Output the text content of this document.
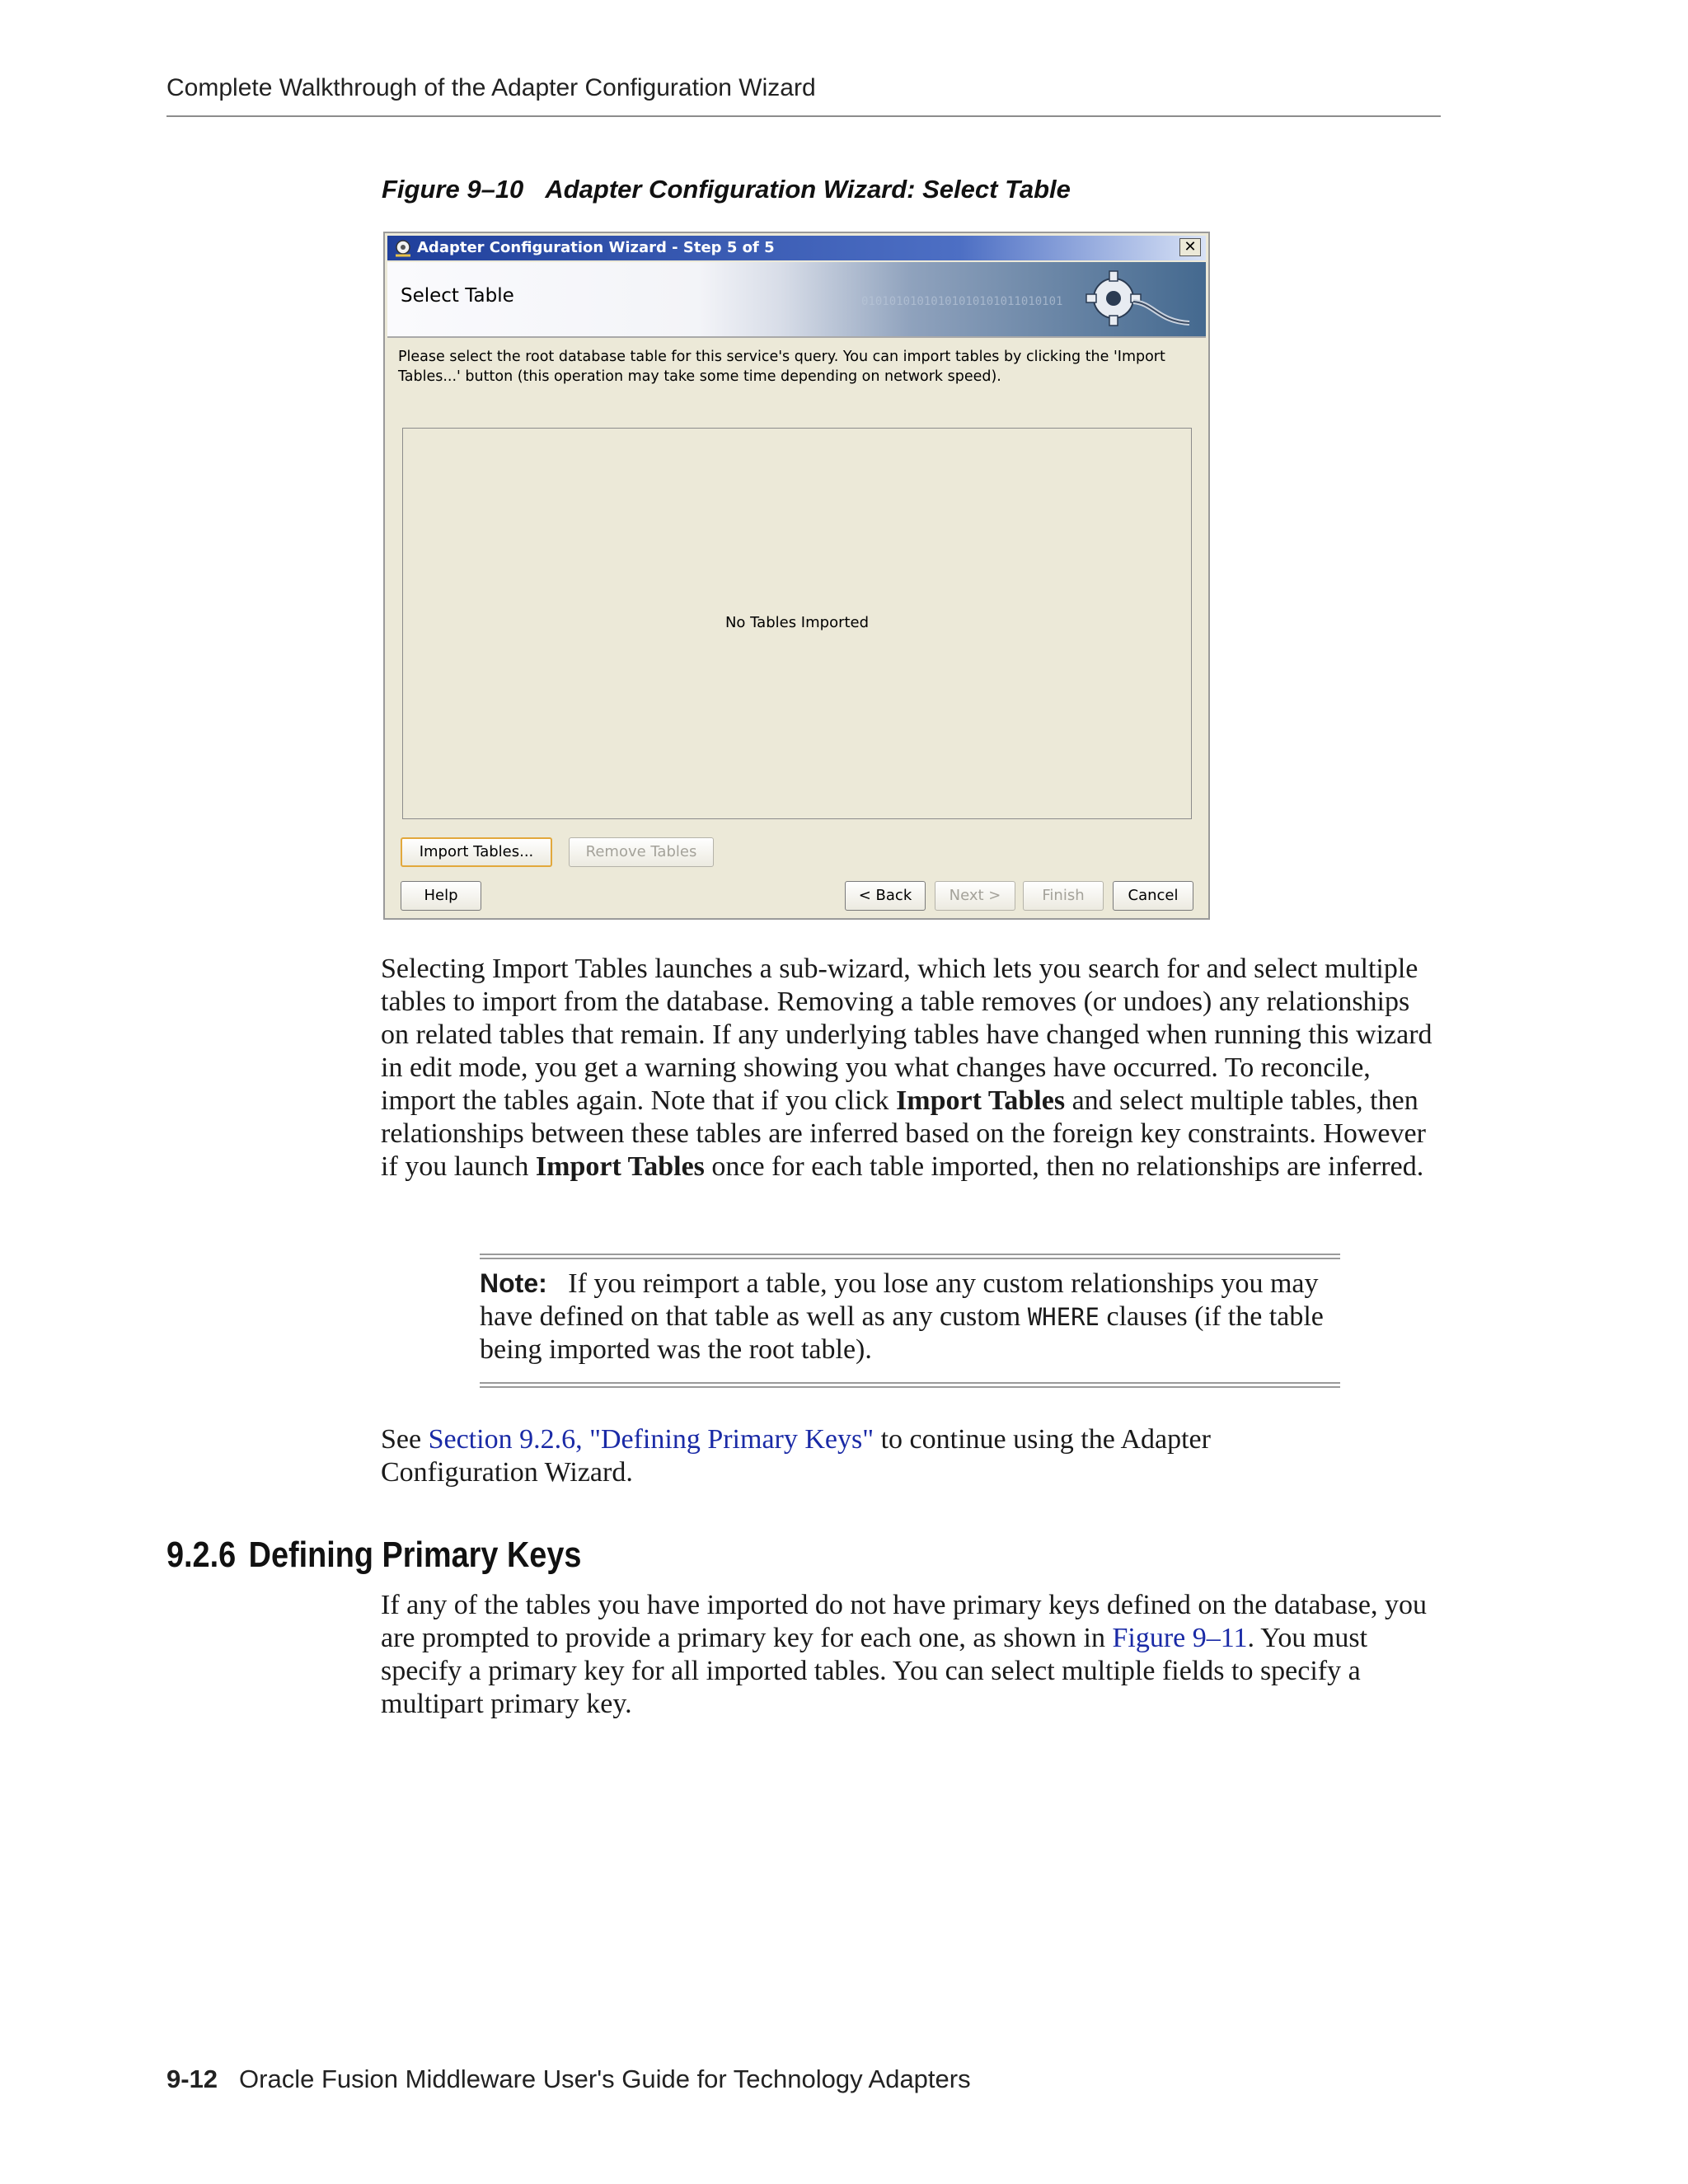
Complete Walkthrough of the Adapter Configuration Wizard
Figure 9–10 Adapter Configuration Wizard: Select Table
Adapter Configuration Wizard - Step 5 of 5	✕
Select Table	01010101010101010101011010101
Please select the root database table for this service's query. You can import tables by clicking the 'Import Tables...' button (this operation may take some time depending on network speed).
No Tables Imported
Import Tables...	Remove Tables
Help	< Back	Next >	Finish	Cancel
Selecting Import Tables launches a sub-wizard, which lets you search for and select multiple tables to import from the database. Removing a table removes (or undoes) any relationships on related tables that remain. If any underlying tables have changed when running this wizard in edit mode, you get a warning showing you what changes have occurred. To reconcile, import the tables again. Note that if you click Import Tables and select multiple tables, then relationships between these tables are inferred based on the foreign key constraints. However if you launch Import Tables once for each table imported, then no relationships are inferred.
Note: If you reimport a table, you lose any custom relationships you may have defined on that table as well as any custom WHERE clauses (if the table being imported was the root table).
See Section 9.2.6, "Defining Primary Keys" to continue using the Adapter Configuration Wizard.
9.2.6 Defining Primary Keys
If any of the tables you have imported do not have primary keys defined on the database, you are prompted to provide a primary key for each one, as shown in Figure 9–11. You must specify a primary key for all imported tables. You can select multiple fields to specify a multipart primary key.
9-12 Oracle Fusion Middleware User's Guide for Technology Adapters
